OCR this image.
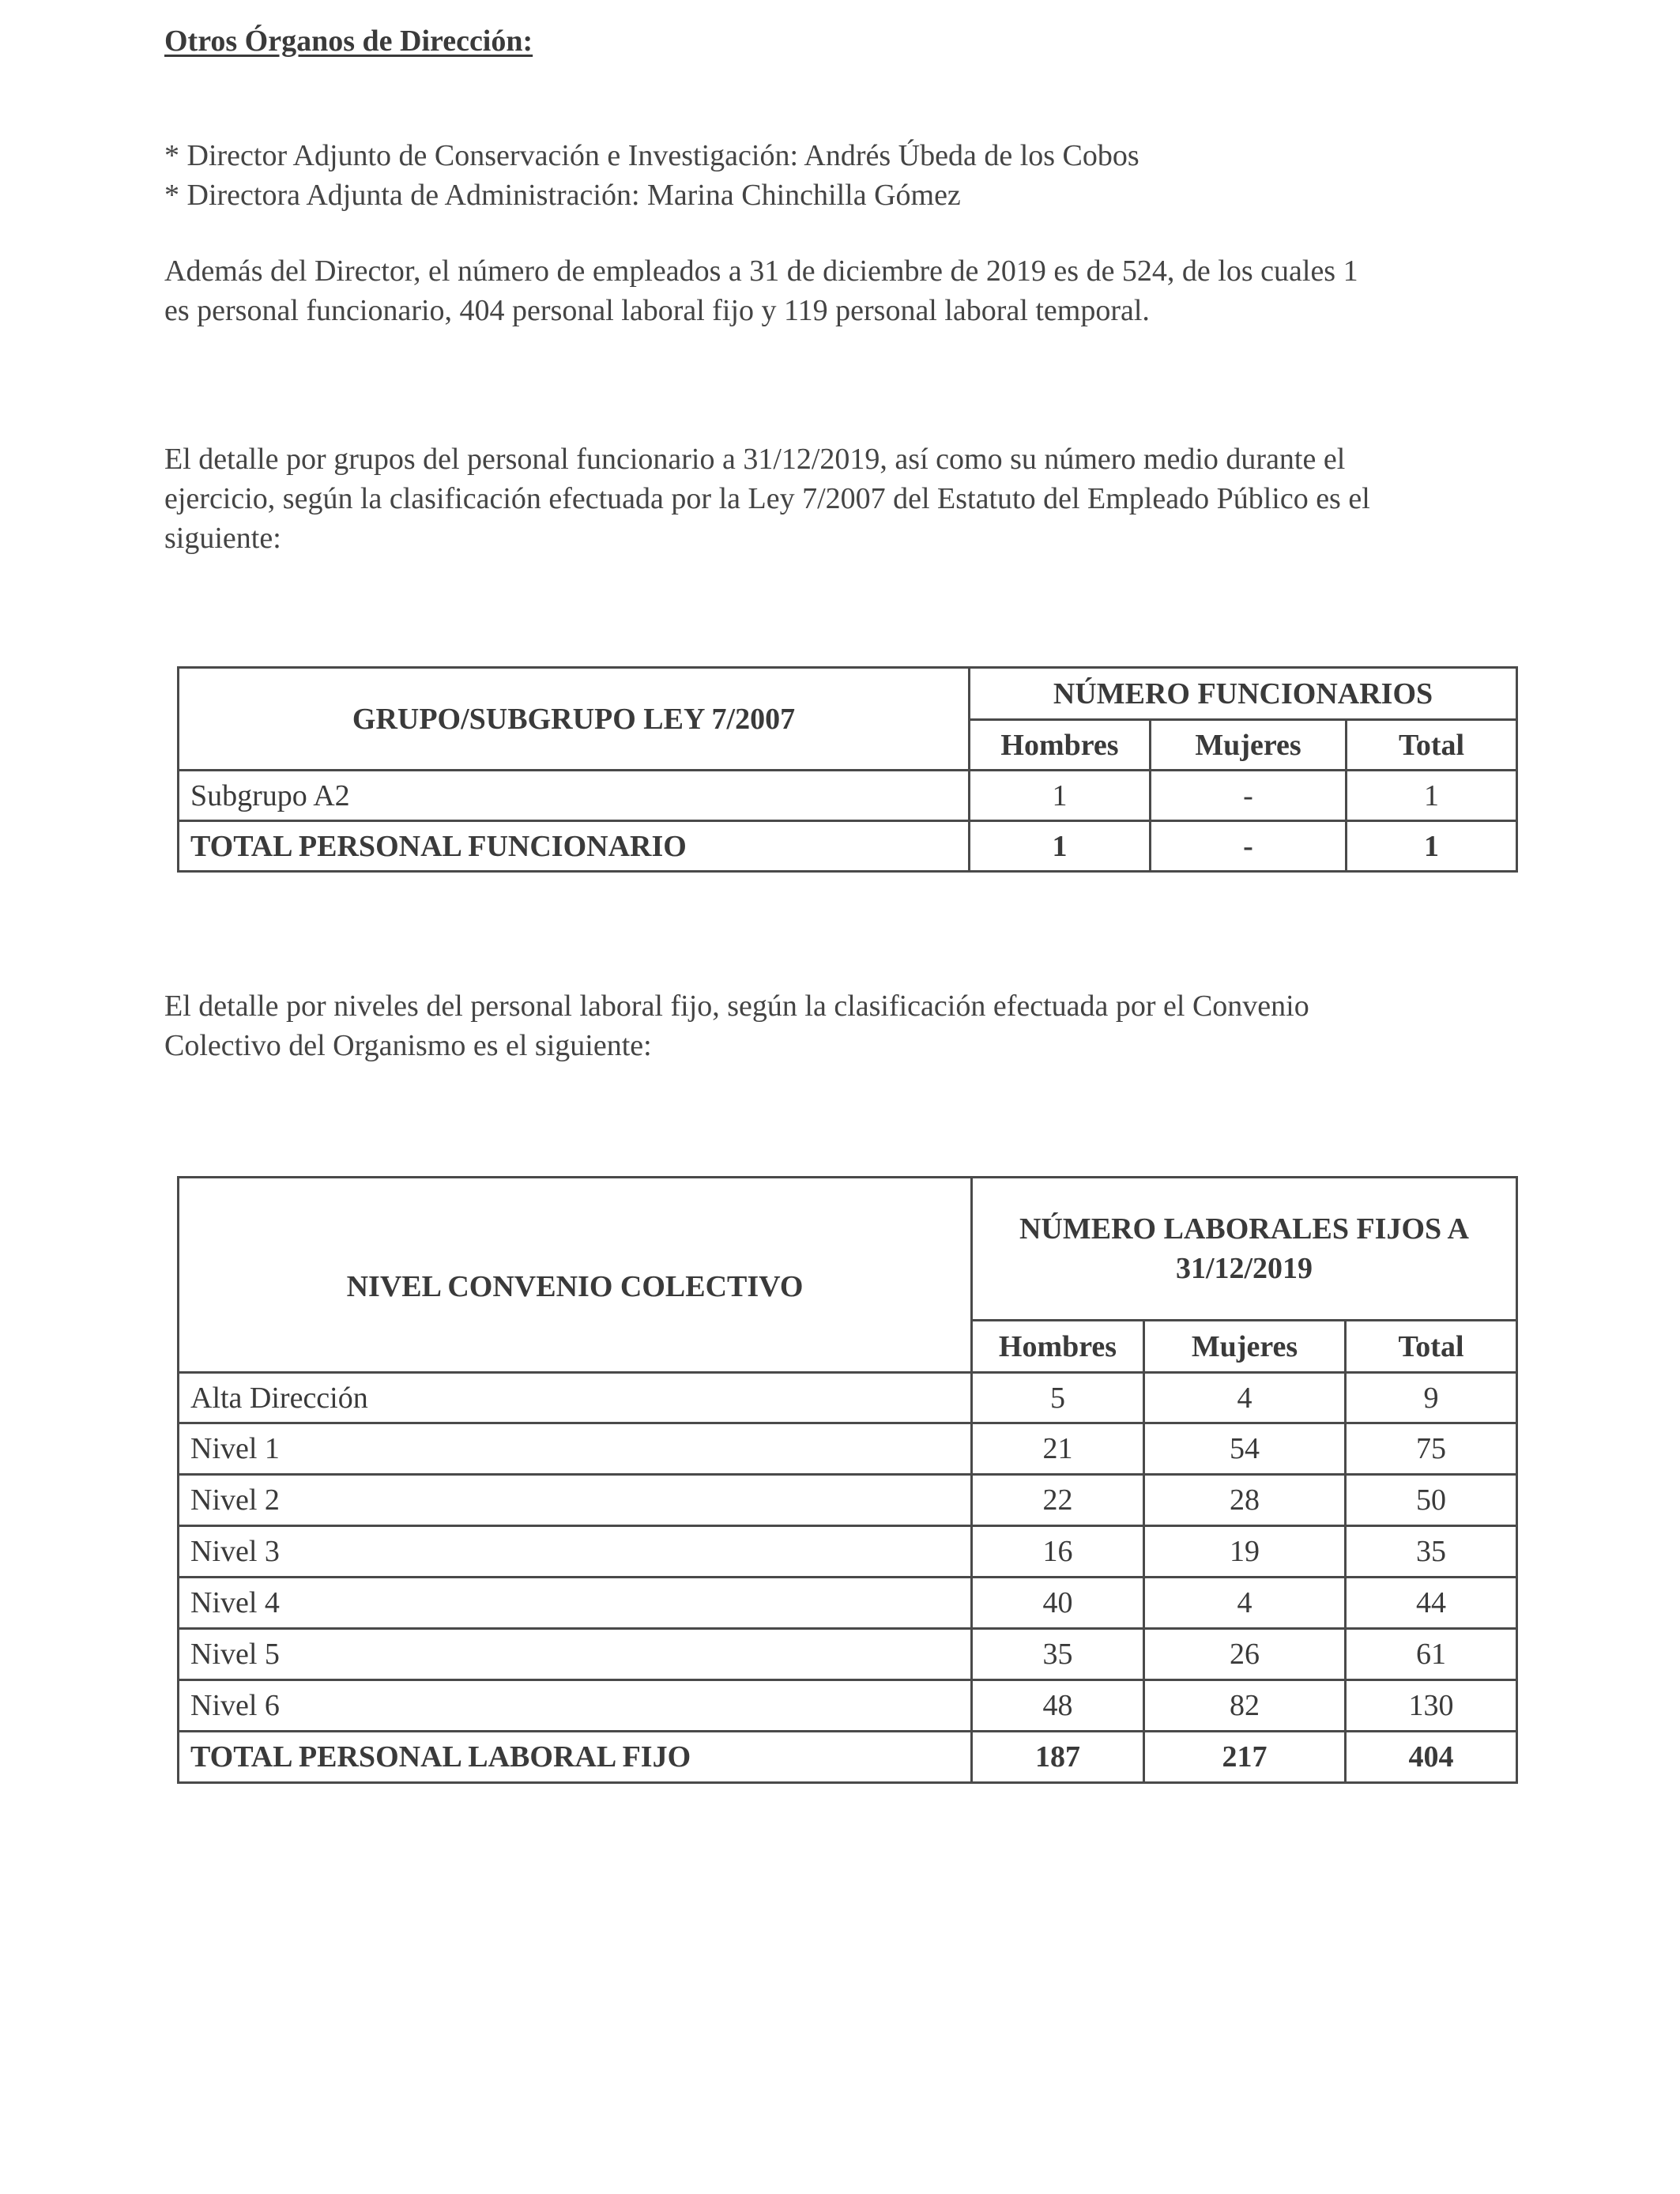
Otros Órganos de Dirección:

* Director Adjunto de Conservación e Investigación: Andrés Úbeda de los Cobos
* Directora Adjunta de Administración: Marina Chinchilla Gómez

Además del Director, el número de empleados a 31 de diciembre de 2019 es de 524, de los cuales 1
es personal funcionario, 404 personal laboral fijo y 119 personal laboral temporal.

El detalle por grupos del personal funcionario a 31/12/2019, así como su número medio durante el
ejercicio, según la clasificación efectuada por la Ley 7/2007 del Estatuto del Empleado Público es el
siguiente:

GRUPO/SUBGRUPO LEY 7/2007	NÚMERO FUNCIONARIOS		
	Hombres	Mujeres	Total
Subgrupo A2	1	-	1
TOTAL PERSONAL FUNCIONARIO	1	-	1

El detalle por niveles del personal laboral fijo, según la clasificación efectuada por el Convenio
Colectivo del Organismo es el siguiente:

NIVEL CONVENIO COLECTIVO	NÚMERO LABORALES FIJOS A
31/12/2019		

	Hombres	Mujeres	Total
Alta Dirección	5	4	9
Nivel 1	21	54	75
Nivel 2	22	28	50
Nivel 3	16	19	35
Nivel 4	40	4	44
Nivel 5	35	26	61
Nivel 6	48	82	130
TOTAL PERSONAL LABORAL FIJO	187	217	404
